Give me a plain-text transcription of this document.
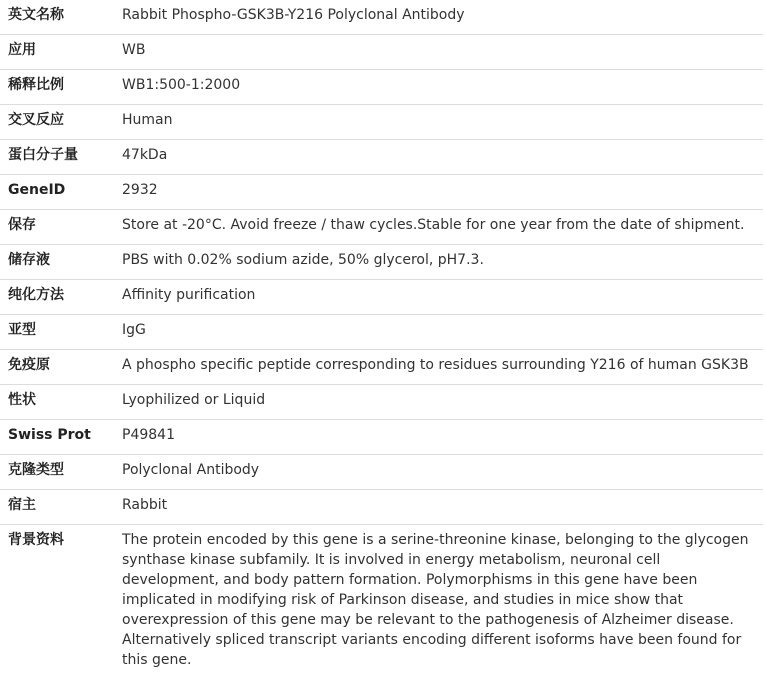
英文名称	Rabbit Phospho-GSK3B-Y216 Polyclonal Antibody
应用	WB
稀释比例	WB1:500-1:2000
交叉反应	Human
蛋白分子量	47kDa
GeneID	2932
保存	Store at -20°C. Avoid freeze / thaw cycles.Stable for one year from the date of shipment.
储存液	PBS with 0.02% sodium azide, 50% glycerol, pH7.3.
纯化方法	Affinity purification
亚型	IgG
免疫原	A phospho specific peptide corresponding to residues surrounding Y216 of human GSK3B
性状	Lyophilized or Liquid
Swiss Prot	P49841
克隆类型	Polyclonal Antibody
宿主	Rabbit
背景资料	The protein encoded by this gene is a serine-threonine kinase, belonging to the glycogen synthase kinase subfamily. It is involved in energy metabolism, neuronal cell development, and body pattern formation. Polymorphisms in this gene have been implicated in modifying risk of Parkinson disease, and studies in mice show that overexpression of this gene may be relevant to the pathogenesis of Alzheimer disease. Alternatively spliced transcript variants encoding different isoforms have been found for this gene.
